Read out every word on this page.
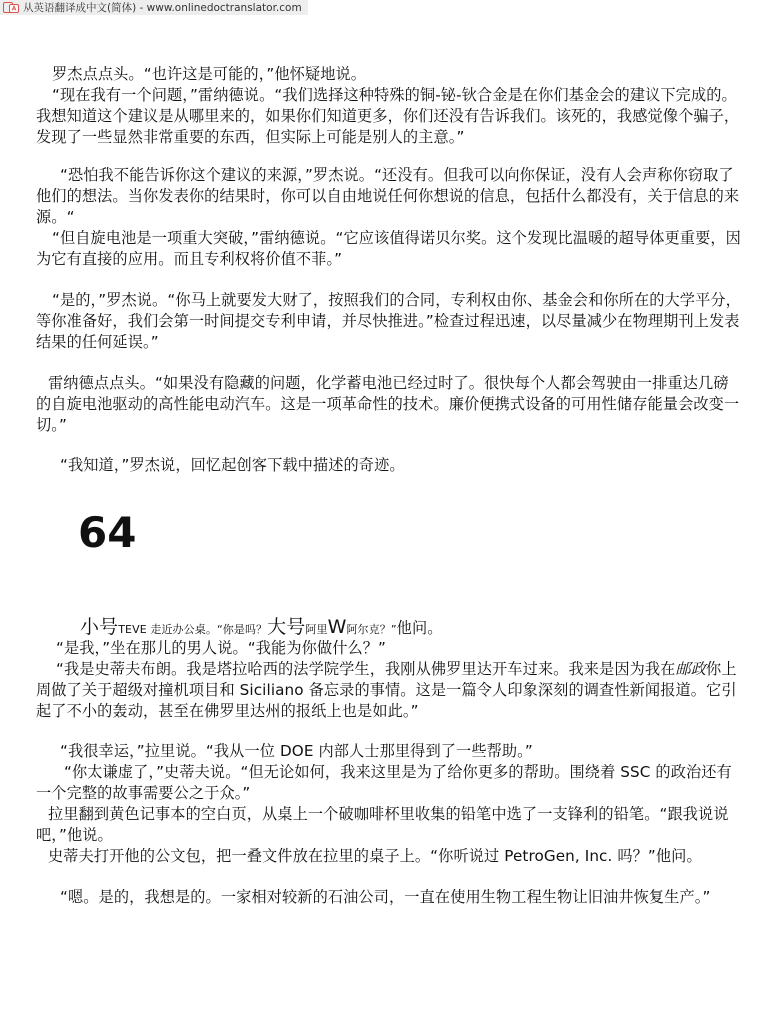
从英语翻译成中文(简体) - www.onlinedoctranslator.com
罗杰点点头。“也许这是可能的，”他怀疑地说。
“现在我有一个问题，”雷纳德说。“我们选择这种特殊的铜-铋-钬合金是在你们基金会的建议下完成的。我想知道这个建议是从哪里来的，如果你们知道更多，你们还没有告诉我们。该死的，我感觉像个骗子，发现了一些显然非常重要的东西，但实际上可能是别人的主意。”
“恐怕我不能告诉你这个建议的来源，”罗杰说。“还没有。但我可以向你保证，没有人会声称你窃取了他们的想法。当你发表你的结果时，你可以自由地说任何你想说的信息，包括什么都没有，关于信息的来源。“
“但自旋电池是一项重大突破，”雷纳德说。“它应该值得诺贝尔奖。这个发现比温暖的超导体更重要，因为它有直接的应用。而且专利权将价值不菲。”
“是的，”罗杰说。“你马上就要发大财了，按照我们的合同，专利权由你、基金会和你所在的大学平分，等你准备好，我们会第一时间提交专利申请，并尽快推进。”检查过程迅速，以尽量减少在物理期刊上发表结果的任何延误。”
雷纳德点点头。“如果没有隐藏的问题，化学蓄电池已经过时了。很快每个人都会驾驶由一排重达几磅的自旋电池驱动的高性能电动汽车。这是一项革命性的技术。廉价便携式设备的可用性储存能量会改变一切。”
“我知道，”罗杰说，回忆起创客下载中描述的奇迹。
64
小号TEVE 走近办公桌。“你是吗？大号阿里W阿尔克？”他问。
“是我，”坐在那儿的男人说。“我能为你做什么？”
“我是史蒂夫布朗。我是塔拉哈西的法学院学生，我刚从佛罗里达开车过来。我来是因为我在邮政你上周做了关于超级对撞机项目和 Siciliano 备忘录的事情。这是一篇令人印象深刻的调查性新闻报道。它引起了不小的轰动，甚至在佛罗里达州的报纸上也是如此。”
“我很幸运，”拉里说。“我从一位 DOE 内部人士那里得到了一些帮助。”
“你太谦虚了，”史蒂夫说。“但无论如何，我来这里是为了给你更多的帮助。围绕着 SSC 的政治还有一个完整的故事需要公之于众。”
拉里翻到黄色记事本的空白页，从桌上一个破咖啡杯里收集的铅笔中选了一支锋利的铅笔。“跟我说说吧，”他说。
史蒂夫打开他的公文包，把一叠文件放在拉里的桌子上。“你听说过 PetroGen, Inc. 吗？”他问。
“嗯。是的，我想是的。一家相对较新的石油公司，一直在使用生物工程生物让旧油井恢复生产。”
